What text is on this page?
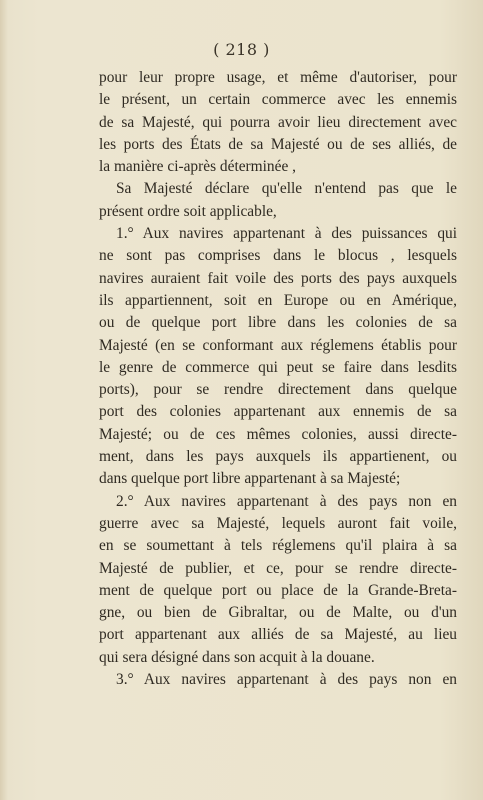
( 218 )
pour leur propre usage, et même d'autoriser, pour
le présent, un certain commerce avec les ennemis
de sa Majesté, qui pourra avoir lieu directement avec
les ports des États de sa Majesté ou de ses alliés, de
la manière ci-après déterminée ,
Sa Majesté déclare qu'elle n'entend pas que le
présent ordre soit applicable,
1.° Aux navires appartenant à des puissances qui
ne sont pas comprises dans le blocus , lesquels
navires auraient fait voile des ports des pays auxquels
ils appartiennent, soit en Europe ou en Amérique,
ou de quelque port libre dans les colonies de sa
Majesté (en se conformant aux réglemens établis pour
le genre de commerce qui peut se faire dans lesdits
ports), pour se rendre directement dans quelque
port des colonies appartenant aux ennemis de sa
Majesté; ou de ces mêmes colonies, aussi directe-
ment, dans les pays auxquels ils appartienent, ou
dans quelque port libre appartenant à sa Majesté;
2.° Aux navires appartenant à des pays non en
guerre avec sa Majesté, lequels auront fait voile,
en se soumettant à tels réglemens qu'il plaira à sa
Majesté de publier, et ce, pour se rendre directe-
ment de quelque port ou place de la Grande-Breta-
gne, ou bien de Gibraltar, ou de Malte, ou d'un
port appartenant aux alliés de sa Majesté, au lieu
qui sera désigné dans son acquit à la douane.
3.° Aux navires appartenant à des pays non en
